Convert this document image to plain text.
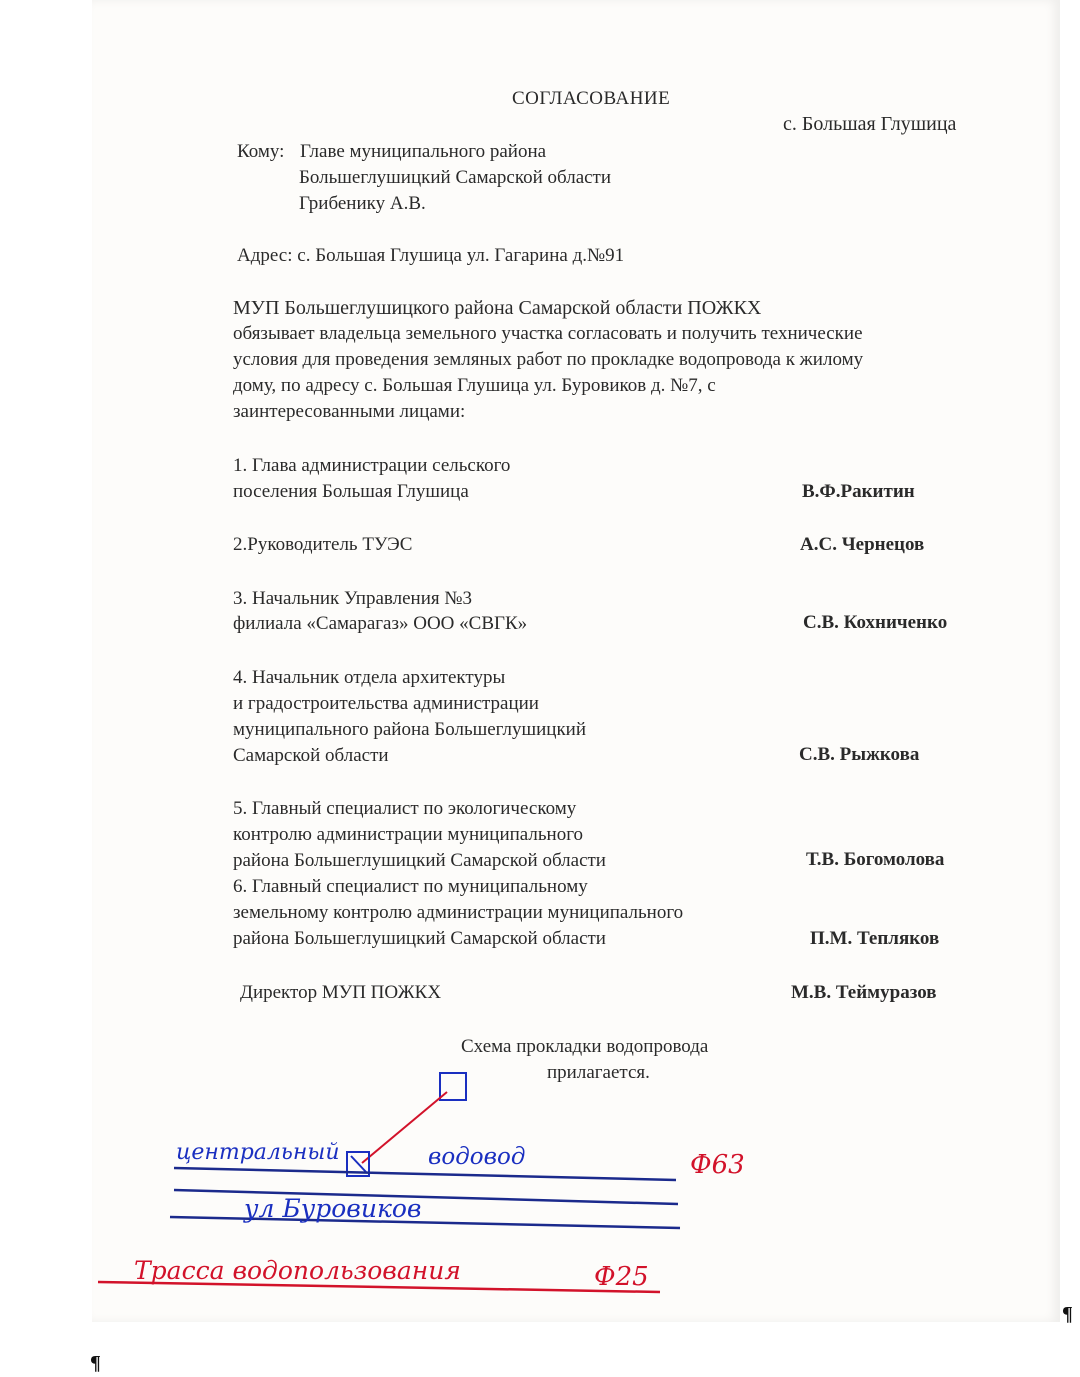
СОГЛАСОВАНИЕ
с. Большая Глушица
Кому: Главе муниципального района
Большеглушицкий Самарской области
Грибенику А.В.
Адрес: с. Большая Глушица ул. Гагарина д.№91
МУП Большеглушицкого района Самарской области ПОЖКХ
обязывает владельца земельного участка согласовать и получить технические
условия для проведения земляных работ по прокладке водопровода к жилому
дому, по адресу с. Большая Глушица ул. Буровиков д. №7, с
заинтересованными лицами:
1. Глава администрации сельского
поселения Большая Глушица	В.Ф.Ракитин
2.Руководитель ТУЭС	А.С. Чернецов
3. Начальник Управления №3
филиала «Самарагаз» ООО «СВГК»	С.В. Кохниченко
4. Начальник отдела архитектуры
и градостроительства администрации
муниципального района Большеглушицкий
Самарской области	С.В. Рыжкова
5. Главный специалист по экологическому
контролю администрации муниципального
района Большеглушицкий Самарской области	Т.В. Богомолова
6. Главный специалист по муниципальному
земельному контролю администрации муниципального
района Большеглушицкий Самарской области	П.М. Тепляков
Директор МУП ПОЖКХ	М.В. Теймуразов
Схема прокладки водопровода
прилагается.
центральный	водовод	Ф63
ул Буровиков
Трасса водопользования	Ф25
¶
¶
